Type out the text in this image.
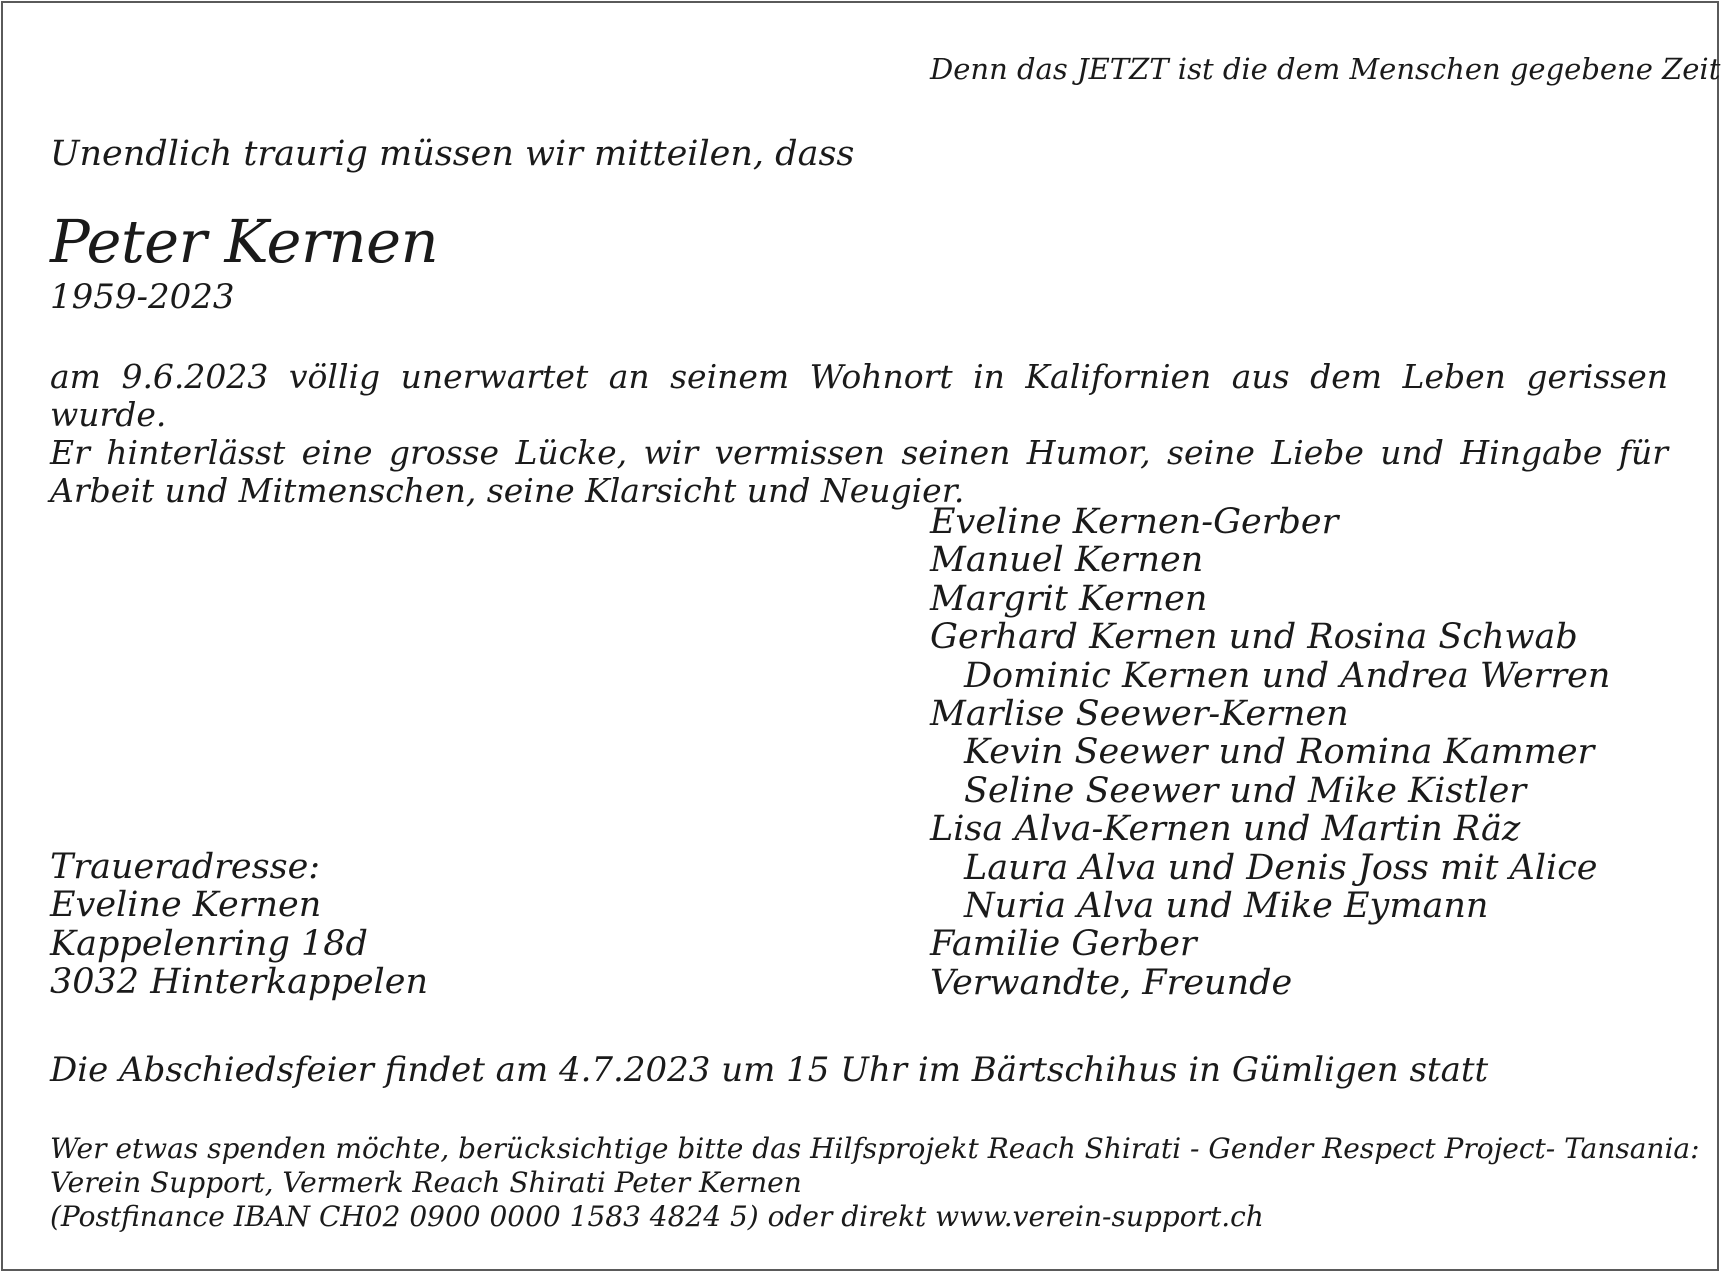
Denn das JETZT ist die dem Menschen gegebene Zeit

Unendlich traurig müssen wir mitteilen, dass

Peter Kernen

1959-2023

am 9.6.2023 völlig unerwartet an seinem Wohnort in Kalifornien aus dem Leben gerissen wurde.

Er hinterlässt eine grosse Lücke, wir vermissen seinen Humor, seine Liebe und Hingabe für Arbeit und Mitmenschen, seine Klarsicht und Neugier.

Eveline Kernen-Gerber
Manuel Kernen
Margrit Kernen
Gerhard Kernen und Rosina Schwab
Dominic Kernen und Andrea Werren
Marlise Seewer-Kernen
Kevin Seewer und Romina Kammer
Seline Seewer und Mike Kistler
Lisa Alva-Kernen und Martin Räz
Laura Alva und Denis Joss mit Alice
Nuria Alva und Mike Eymann
Familie Gerber
Verwandte, Freunde
Traueradresse:
Eveline Kernen
Kappelenring 18d
3032 Hinterkappelen

Die Abschiedsfeier findet am 4.7.2023 um 15 Uhr im Bärtschihus in Gümligen statt

Wer etwas spenden möchte, berücksichtige bitte das Hilfsprojekt Reach Shirati - Gender Respect Project- Tansania:
Verein Support, Vermerk Reach Shirati Peter Kernen
(Postfinance IBAN CH02 0900 0000 1583 4824 5) oder direkt www.verein-support.ch
